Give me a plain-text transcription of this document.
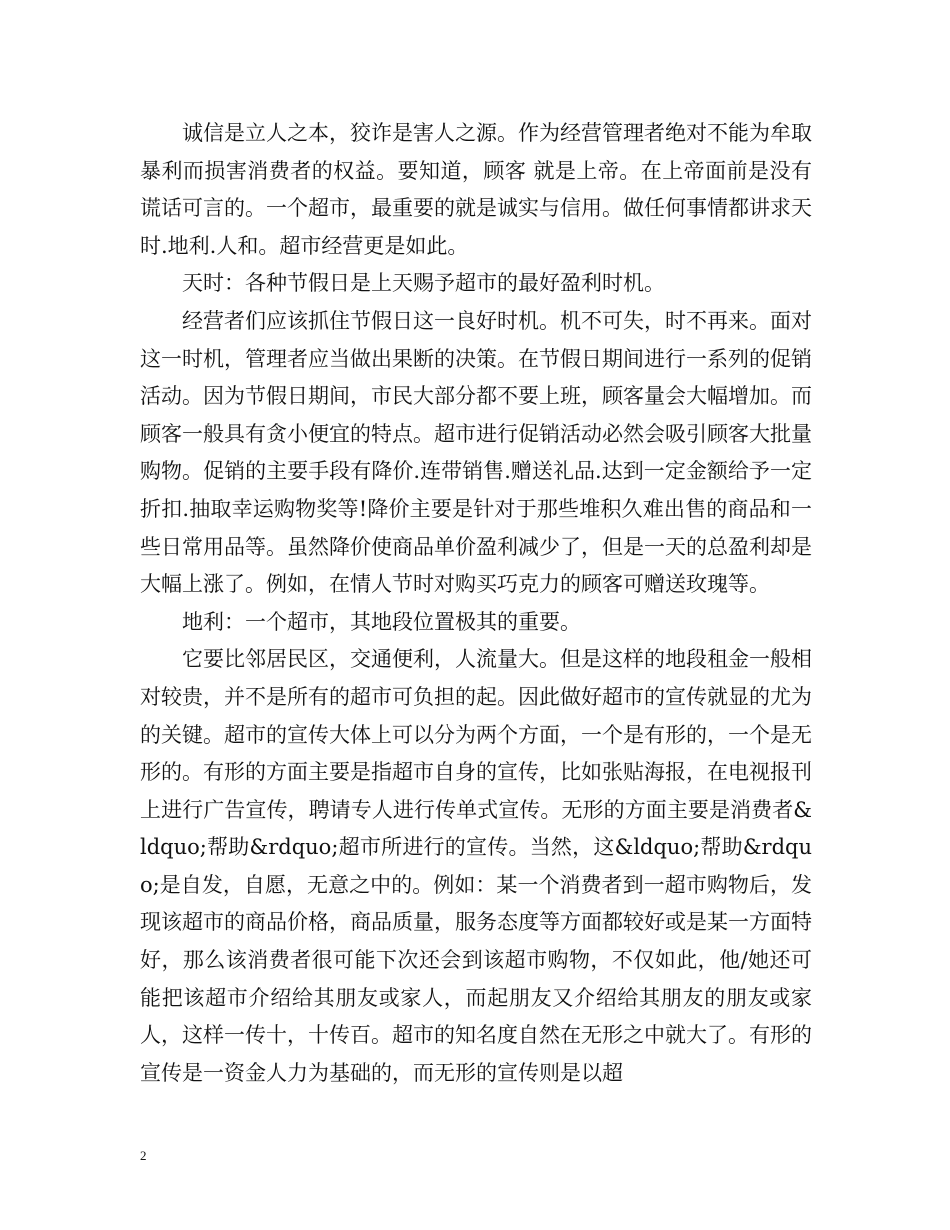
诚信是立人之本，狡诈是害人之源。作为经营管理者绝对不能为牟取暴利而损害消费者的权益。要知道，顾客 就是上帝。在上帝面前是没有谎话可言的。一个超市，最重要的就是诚实与信用。做任何事情都讲求天时.地利.人和。超市经营更是如此。

天时：各种节假日是上天赐予超市的最好盈利时机。

经营者们应该抓住节假日这一良好时机。机不可失，时不再来。面对这一时机，管理者应当做出果断的决策。在节假日期间进行一系列的促销活动。因为节假日期间，市民大部分都不要上班，顾客量会大幅增加。而顾客一般具有贪小便宜的特点。超市进行促销活动必然会吸引顾客大批量购物。促销的主要手段有降价.连带销售.赠送礼品.达到一定金额给予一定折扣.抽取幸运购物奖等!降价主要是针对于那些堆积久难出售的商品和一些日常用品等。虽然降价使商品单价盈利减少了，但是一天的总盈利却是大幅上涨了。例如，在情人节时对购买巧克力的顾客可赠送玫瑰等。

地利：一个超市，其地段位置极其的重要。

它要比邻居民区，交通便利，人流量大。但是这样的地段租金一般相对较贵，并不是所有的超市可负担的起。因此做好超市的宣传就显的尤为的关键。超市的宣传大体上可以分为两个方面，一个是有形的，一个是无形的。有形的方面主要是指超市自身的宣传，比如张贴海报，在电视报刊上进行广告宣传，聘请专人进行传单式宣传。无形的方面主要是消费者&ldquo;帮助&rdquo;超市所进行的宣传。当然，这&ldquo;帮助&rdquo;是自发，自愿，无意之中的。例如：某一个消费者到一超市购物后，发现该超市的商品价格，商品质量，服务态度等方面都较好或是某一方面特好，那么该消费者很可能下次还会到该超市购物，不仅如此，他/她还可能把该超市介绍给其朋友或家人，而起朋友又介绍给其朋友的朋友或家人，这样一传十，十传百。超市的知名度自然在无形之中就大了。有形的宣传是一资金人力为基础的，而无形的宣传则是以超

2
